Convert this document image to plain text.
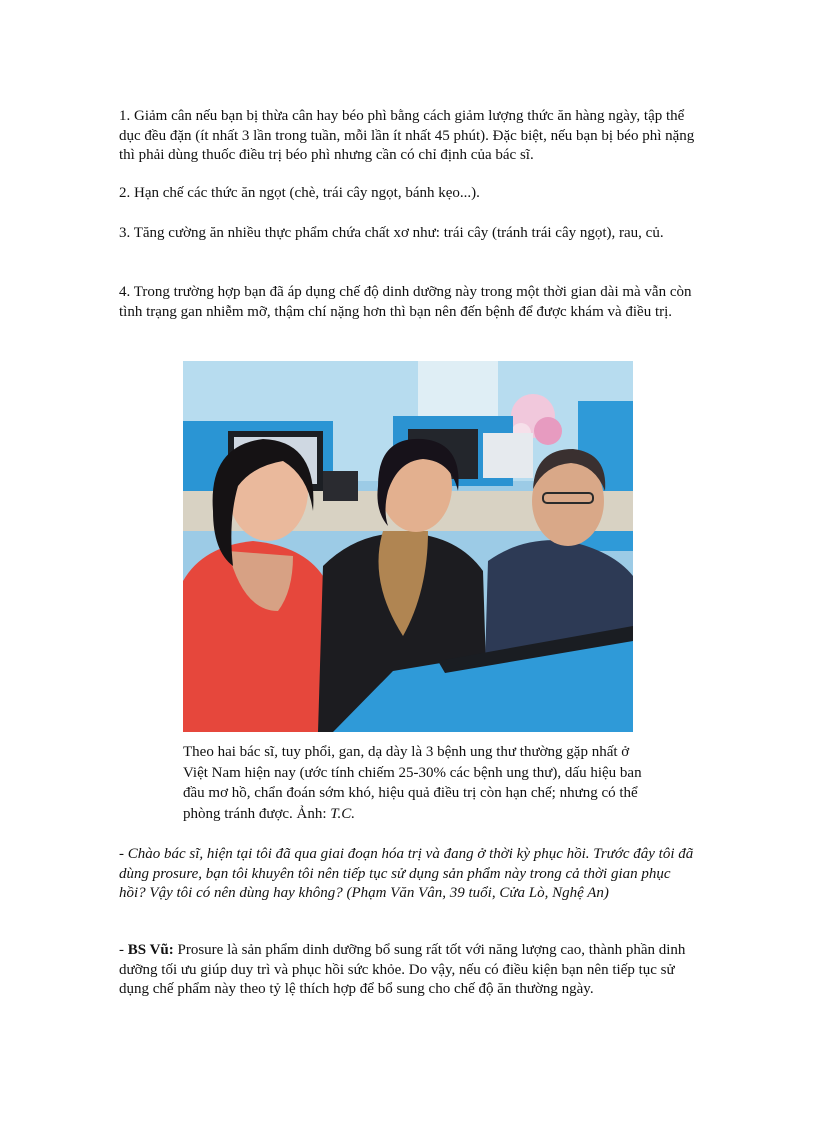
1. Giảm cân nếu bạn bị thừa cân hay béo phì bằng cách giảm lượng thức ăn hàng ngày, tập thể dục đều đặn (ít nhất 3 lần trong tuần, mỗi lần ít nhất 45 phút). Đặc biệt, nếu bạn bị béo phì nặng thì phải dùng thuốc điều trị béo phì nhưng cần có chỉ định của bác sĩ.

2. Hạn chế các thức ăn ngọt (chè, trái cây ngọt, bánh kẹo...).

3. Tăng cường ăn nhiều thực phẩm chứa chất xơ như: trái cây (tránh trái cây ngọt), rau, củ.

4. Trong trường hợp bạn đã áp dụng chế độ dinh dưỡng này trong một thời gian dài mà vẫn còn tình trạng gan nhiễm mỡ, thậm chí nặng hơn thì bạn nên đến bệnh để được khám và điều trị.

Theo hai bác sĩ, tuy phổi, gan, dạ dày là 3 bệnh ung thư thường gặp nhất ở Việt Nam hiện nay (ước tính chiếm 25-30% các bệnh ung thư), dấu hiệu ban đầu mơ hồ, chẩn đoán sớm khó, hiệu quả điều trị còn hạn chế; nhưng có thể phòng tránh được. Ảnh: T.C.

- Chào bác sĩ, hiện tại tôi đã qua giai đoạn hóa trị và đang ở thời kỳ phục hồi. Trước đây tôi đã dùng prosure, bạn tôi khuyên tôi nên tiếp tục sử dụng sản phẩm này trong cả thời gian phục hồi? Vậy tôi có nên dùng hay không? (Phạm Văn Vân, 39 tuổi, Cửa Lò, Nghệ An)

- BS Vũ: Prosure là sản phẩm dinh dưỡng bổ sung rất tốt với năng lượng cao, thành phần dinh dưỡng tối ưu giúp duy trì và phục hồi sức khỏe. Do vậy, nếu có điều kiện bạn nên tiếp tục sử dụng chế phẩm này theo tỷ lệ thích hợp để bổ sung cho chế độ ăn thường ngày.
